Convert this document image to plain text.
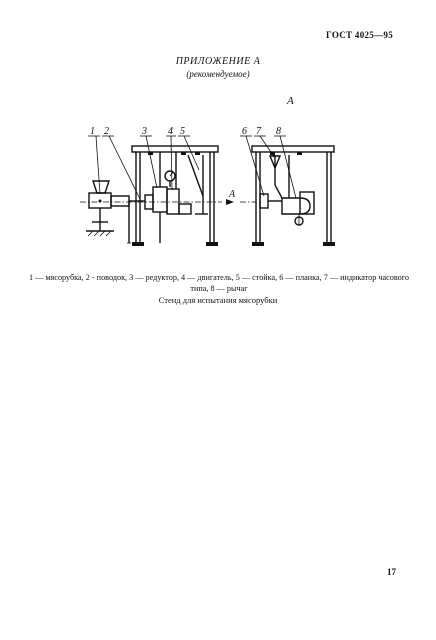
ГОСТ 4025—95
ПРИЛОЖЕНИЕ А
(рекомендуемое)
А
1 2	3 4 5	6 7 8
А
1 — мясорубка, 2 - поводок, 3 — редуктор, 4 — двигатель, 5 — стойка, 6 — планка, 7 — индикатор часового типа, 8 — рычаг
Стенд для испытания мясорубки
17
